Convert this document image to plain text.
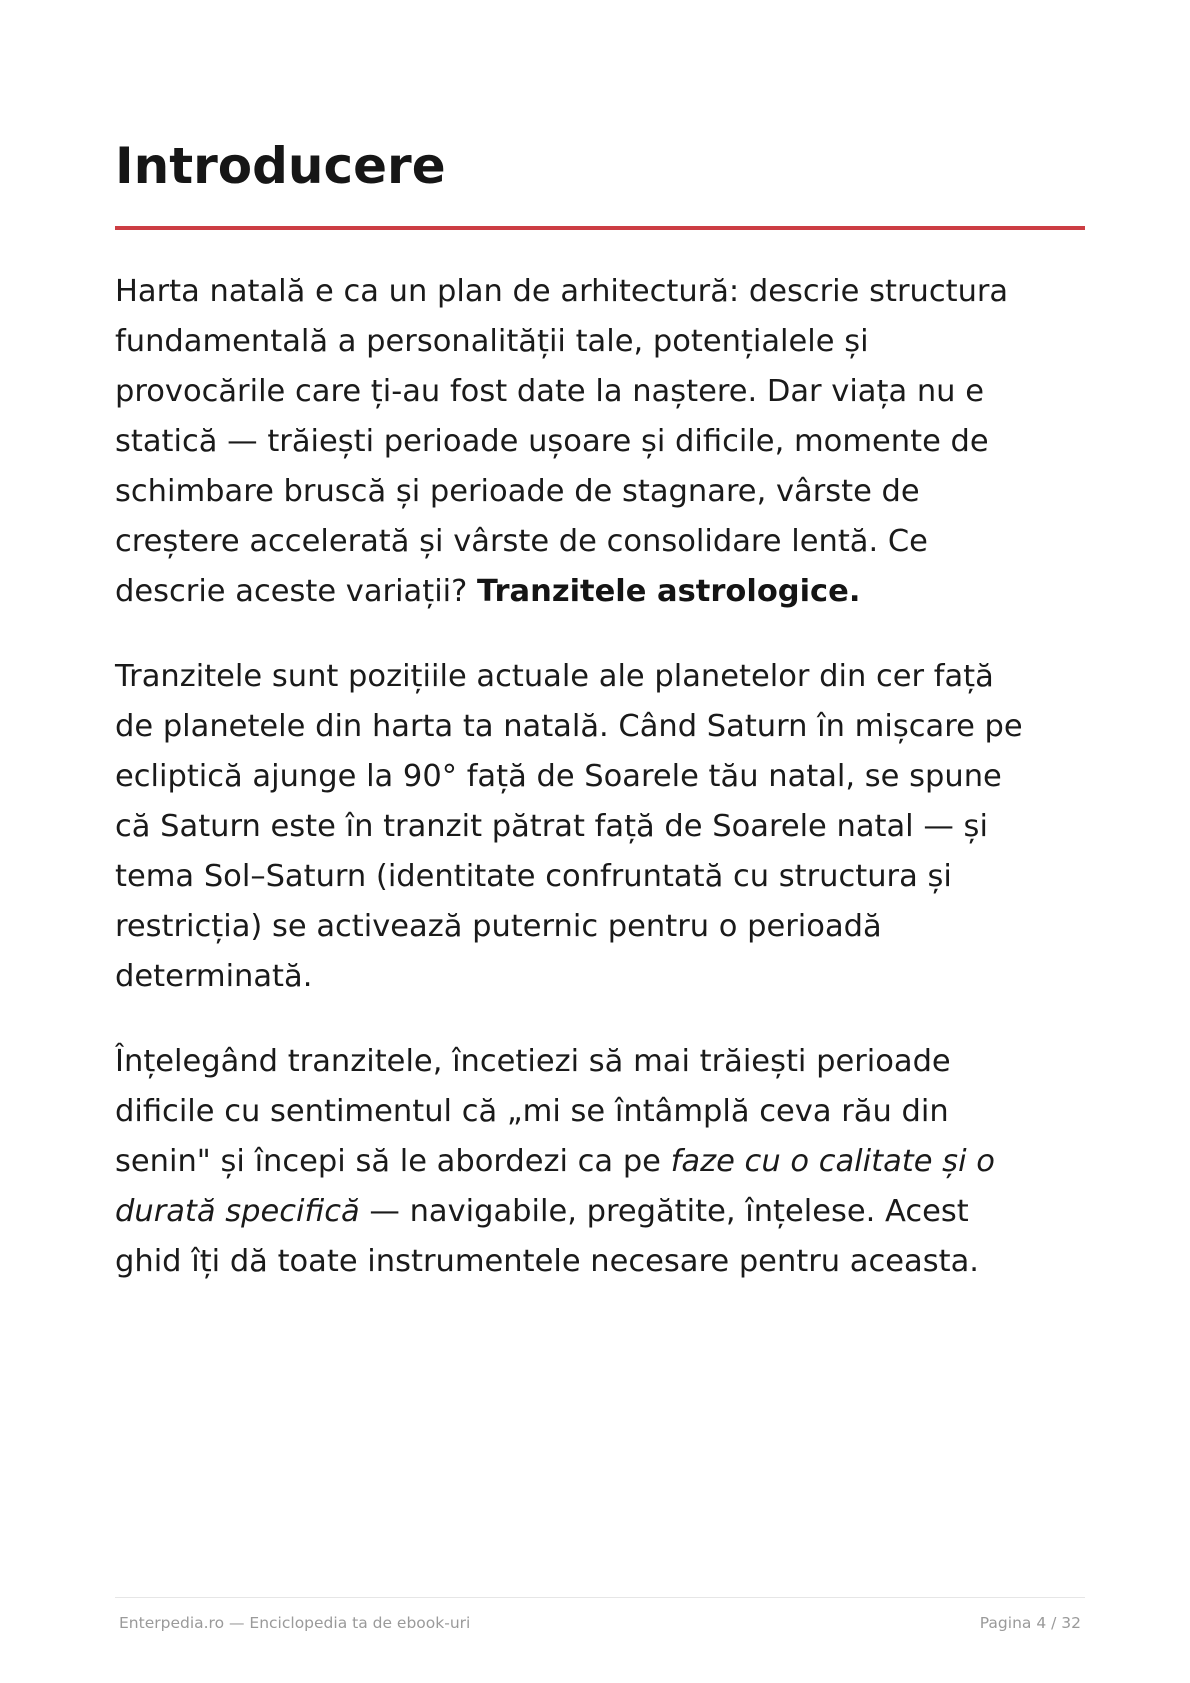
Introducere

Harta natală e ca un plan de arhitectură: descrie structura
fundamentală a personalității tale, potențialele și
provocările care ți-au fost date la naștere. Dar viața nu e
statică — trăiești perioade ușoare și dificile, momente de
schimbare bruscă și perioade de stagnare, vârste de
creștere accelerată și vârste de consolidare lentă. Ce
descrie aceste variații? Tranzitele astrologice.

Tranzitele sunt pozițiile actuale ale planetelor din cer față
de planetele din harta ta natală. Când Saturn în mișcare pe
ecliptică ajunge la 90° față de Soarele tău natal, se spune
că Saturn este în tranzit pătrat față de Soarele natal — și
tema Sol–Saturn (identitate confruntată cu structura și
restricția) se activează puternic pentru o perioadă
determinată.

Înțelegând tranzitele, încetiezi să mai trăiești perioade
dificile cu sentimentul că „mi se întâmplă ceva rău din
senin" și începi să le abordezi ca pe faze cu o calitate și o
durată specifică — navigabile, pregătite, înțelese. Acest
ghid îți dă toate instrumentele necesare pentru aceasta.

Enterpedia.ro — Enciclopedia ta de ebook-uri	Pagina 4 / 32
